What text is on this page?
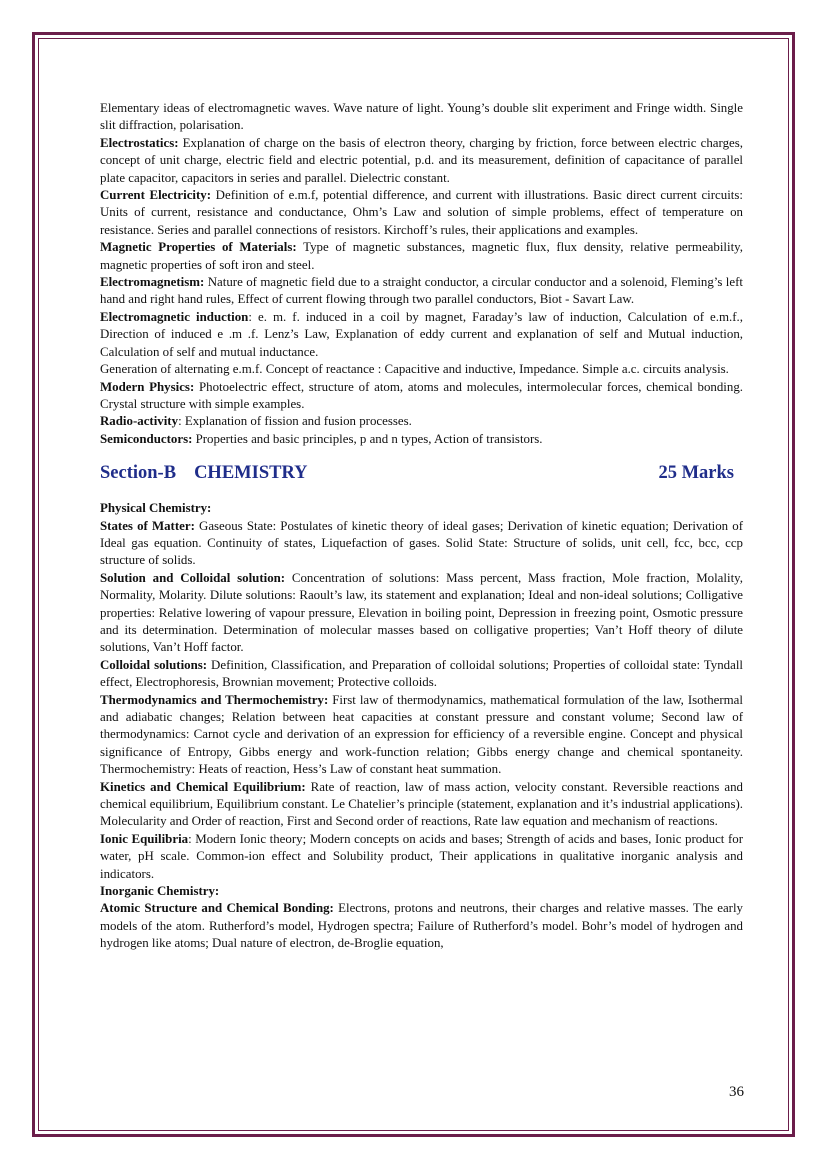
Elementary ideas of electromagnetic waves. Wave nature of light. Young’s double slit experiment and Fringe width. Single slit diffraction, polarisation.

Electrostatics: Explanation of charge on the basis of electron theory, charging by friction, force between electric charges, concept of unit charge, electric field and electric potential, p.d. and its measurement, definition of capacitance of parallel plate capacitor, capacitors in series and parallel. Dielectric constant.

Current Electricity: Definition of e.m.f, potential difference, and current with illustrations. Basic direct current circuits: Units of current, resistance and conductance, Ohm’s Law and solution of simple problems, effect of temperature on resistance. Series and parallel connections of resistors. Kirchoff’s rules, their applications and examples.

Magnetic Properties of Materials: Type of magnetic substances, magnetic flux, flux density, relative permeability, magnetic properties of soft iron and steel.

Electromagnetism: Nature of magnetic field due to a straight conductor, a circular conductor and a solenoid, Fleming’s left hand and right hand rules, Effect of current flowing through two parallel conductors, Biot - Savart Law.

Electromagnetic induction: e. m. f. induced in a coil by magnet, Faraday’s law of induction, Calculation of e.m.f., Direction of induced e .m .f. Lenz’s Law, Explanation of eddy current and explanation of self and Mutual induction, Calculation of self and mutual inductance.

Generation of alternating e.m.f. Concept of reactance : Capacitive and inductive, Impedance. Simple a.c. circuits analysis.

Modern Physics: Photoelectric effect, structure of atom, atoms and molecules, intermolecular forces, chemical bonding. Crystal structure with simple examples.

Radio-activity: Explanation of fission and fusion processes.

Semiconductors: Properties and basic principles, p and n types, Action of transistors.

Section-B CHEMISTRY	25 Marks

Physical Chemistry:

States of Matter: Gaseous State: Postulates of kinetic theory of ideal gases; Derivation of kinetic equation; Derivation of Ideal gas equation. Continuity of states, Liquefaction of gases. Solid State: Structure of solids, unit cell, fcc, bcc, ccp structure of solids.

Solution and Colloidal solution: Concentration of solutions: Mass percent, Mass fraction, Mole fraction, Molality, Normality, Molarity. Dilute solutions: Raoult’s law, its statement and explanation; Ideal and non-ideal solutions; Colligative properties: Relative lowering of vapour pressure, Elevation in boiling point, Depression in freezing point, Osmotic pressure and its determination. Determination of molecular masses based on colligative properties; Van’t Hoff theory of dilute solutions, Van’t Hoff factor.

Colloidal solutions: Definition, Classification, and Preparation of colloidal solutions; Properties of colloidal state: Tyndall effect, Electrophoresis, Brownian movement; Protective colloids.

Thermodynamics and Thermochemistry: First law of thermodynamics, mathematical formulation of the law, Isothermal and adiabatic changes; Relation between heat capacities at constant pressure and constant volume; Second law of thermodynamics: Carnot cycle and derivation of an expression for efficiency of a reversible engine. Concept and physical significance of Entropy, Gibbs energy and work-function relation; Gibbs energy change and chemical spontaneity. Thermochemistry: Heats of reaction, Hess’s Law of constant heat summation.

Kinetics and Chemical Equilibrium: Rate of reaction, law of mass action, velocity constant. Reversible reactions and chemical equilibrium, Equilibrium constant. Le Chatelier’s principle (statement, explanation and it’s industrial applications). Molecularity and Order of reaction, First and Second order of reactions, Rate law equation and mechanism of reactions.

Ionic Equilibria: Modern Ionic theory; Modern concepts on acids and bases; Strength of acids and bases, Ionic product for water, pH scale. Common-ion effect and Solubility product, Their applications in qualitative inorganic analysis and indicators.

Inorganic Chemistry:

Atomic Structure and Chemical Bonding: Electrons, protons and neutrons, their charges and relative masses. The early models of the atom. Rutherford’s model, Hydrogen spectra; Failure of Rutherford’s model. Bohr’s model of hydrogen and hydrogen like atoms; Dual nature of electron, de-Broglie equation,

36
